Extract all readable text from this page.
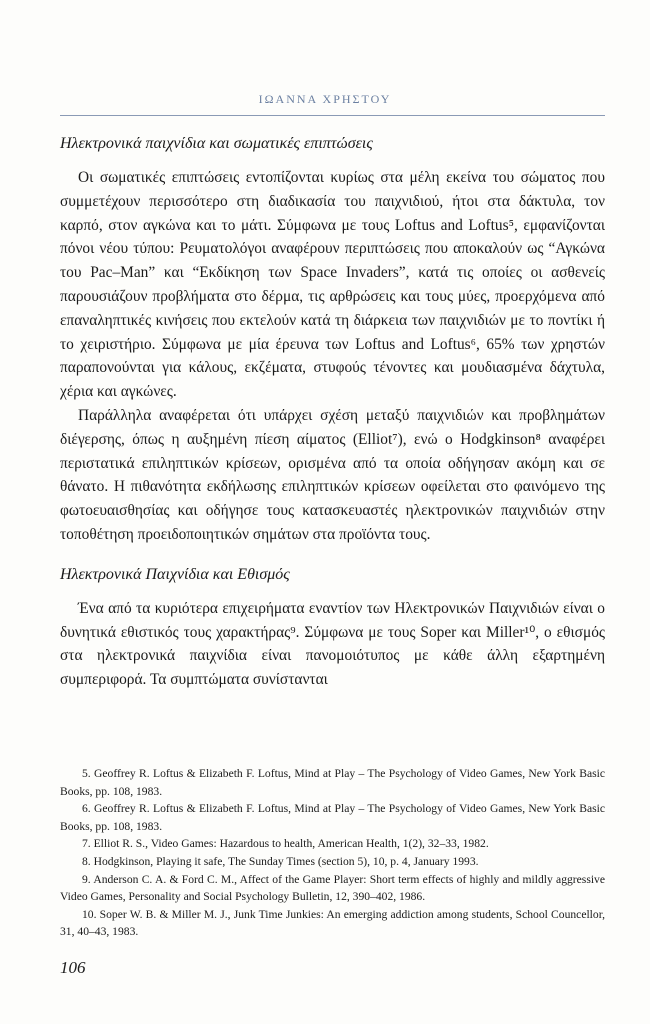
ΙΩΑΝΝΑ ΧΡΗΣΤΟΥ
Ηλεκτρονικά παιχνίδια και σωματικές επιπτώσεις

Οι σωματικές επιπτώσεις εντοπίζονται κυρίως στα μέλη εκείνα του σώματος που συμμετέχουν περισσότερο στη διαδικασία του παιχνιδιού, ήτοι στα δάκτυλα, τον καρπό, στον αγκώνα και το μάτι. Σύμφωνα με τους Loftus and Loftus⁵, εμφανίζονται πόνοι νέου τύπου: Ρευματολόγοι αναφέρουν περιπτώσεις που αποκαλούν ως “Αγκώνα του Pac–Man” και “Εκδίκηση των Space Invaders”, κατά τις οποίες οι ασθενείς παρουσιάζουν προβλήματα στο δέρμα, τις αρθρώσεις και τους μύες, προερχόμενα από επαναληπτικές κινήσεις που εκτελούν κατά τη διάρκεια των παιχνιδιών με το ποντίκι ή το χειριστήριο. Σύμφωνα με μία έρευνα των Loftus and Loftus⁶, 65% των χρηστών παραπονούνται για κάλους, εκζέματα, στυφούς τένοντες και μουδιασμένα δάχτυλα, χέρια και αγκώνες.

Παράλληλα αναφέρεται ότι υπάρχει σχέση μεταξύ παιχνιδιών και προβλημάτων διέγερσης, όπως η αυξημένη πίεση αίματος (Elliot⁷), ενώ ο Hodgkinson⁸ αναφέρει περιστατικά επιληπτικών κρίσεων, ορισμένα από τα οποία οδήγησαν ακόμη και σε θάνατο. Η πιθανότητα εκδήλωσης επιληπτικών κρίσεων οφείλεται στο φαινόμενο της φωτοευαισθησίας και οδήγησε τους κατασκευαστές ηλεκτρονικών παιχνιδιών στην τοποθέτηση προειδοποιητικών σημάτων στα προϊόντα τους.

Ηλεκτρονικά Παιχνίδια και Εθισμός

Ένα από τα κυριότερα επιχειρήματα εναντίον των Ηλεκτρονικών Παιχνιδιών είναι ο δυνητικά εθιστικός τους χαρακτήρας⁹. Σύμφωνα με τους Soper και Miller¹⁰, ο εθισμός στα ηλεκτρονικά παιχνίδια είναι πανομοιότυπος με κάθε άλλη εξαρτημένη συμπεριφορά. Τα συμπτώματα συνίστανται

5. Geoffrey R. Loftus & Elizabeth F. Loftus, Mind at Play – The Psychology of Video Games, New York Basic Books, pp. 108, 1983.

6. Geoffrey R. Loftus & Elizabeth F. Loftus, Mind at Play – The Psychology of Video Games, New York Basic Books, pp. 108, 1983.

7. Elliot R. S., Video Games: Hazardous to health, American Health, 1(2), 32–33, 1982.

8. Hodgkinson, Playing it safe, The Sunday Times (section 5), 10, p. 4, January 1993.

9. Anderson C. A. & Ford C. M., Affect of the Game Player: Short term effects of highly and mildly aggressive Video Games, Personality and Social Psychology Bulletin, 12, 390–402, 1986.

10. Soper W. B. & Miller M. J., Junk Time Junkies: An emerging addiction among students, School Councellor, 31, 40–43, 1983.

106
